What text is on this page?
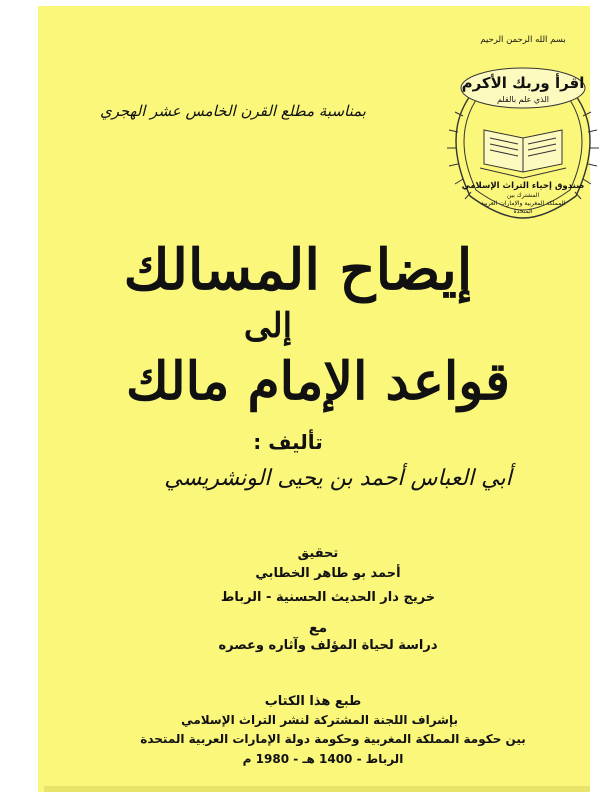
بمناسبة مطلع القرن الخامس عشر الهجري
بسم الله الرحمن الرحيم
اقرأ وربك الأكرم
الذي علم بالقلم
صندوق إحياء التراث الإسلامي
المشترك بين
المملكة المغربية والإمارات العربية
المتحدة
إيضاح المسالك
إلى
قواعد الإمام مالك
تأليف :
أبي العباس أحمد بن يحيى الونشريسي
تحقيق
أحمد بو طاهر الخطابي
خريج دار الحديث الحسنية - الرباط
مع
دراسة لحياة المؤلف وآثاره وعصره
طبع هذا الكتاب
بإشراف اللجنة المشتركة لنشر التراث الإسلامي
بين حكومة المملكة المغربية وحكومة دولة الإمارات العربية المتحدة
الرباط - 1400 هـ - 1980 م
